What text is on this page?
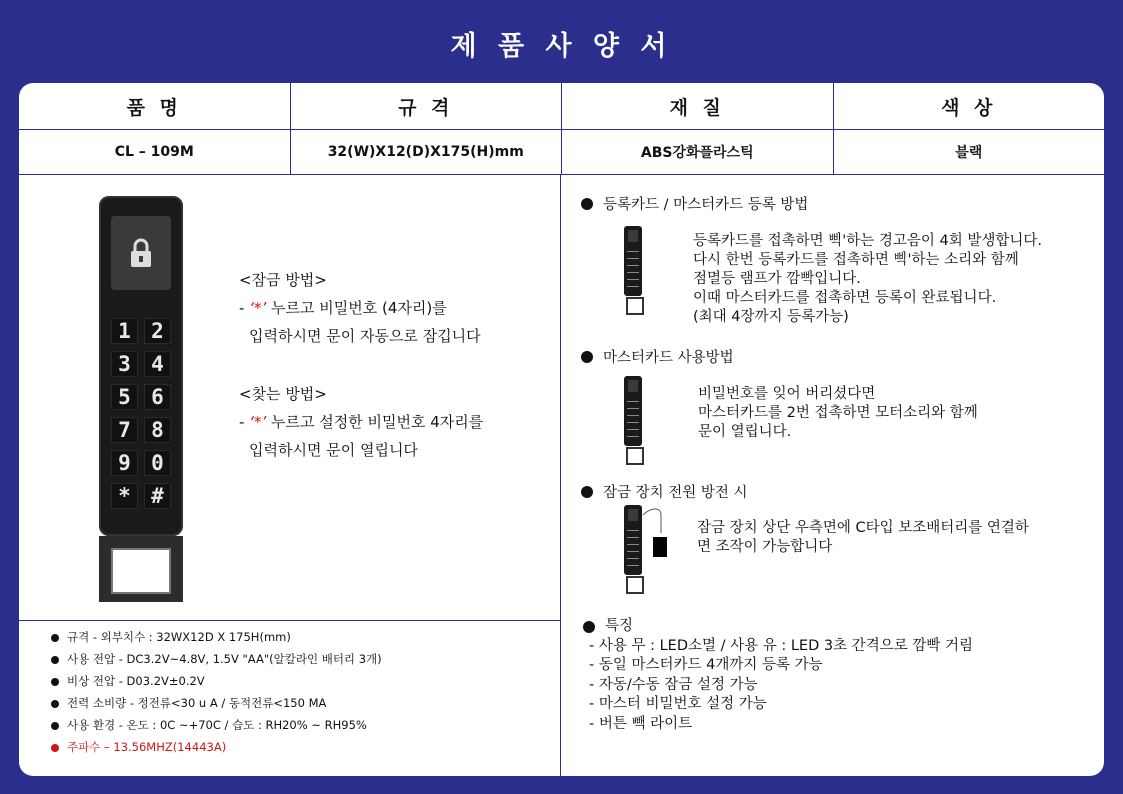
제 품 사 양 서
품 명	규 격	재 질	색 상
CL – 109M	32(W)X12(D)X175(H)mm	ABS강화플라스틱	블랙
1 2
3 4
5 6
7 8
9 0
* #
<잠금 방법>
- ‘*’ 누르고 비밀번호 (4자리)를
입력하시면 문이 자동으로 잠깁니다
<찾는 방법>
- ‘*’ 누르고 설정한 비밀번호 4자리를
입력하시면 문이 열립니다
규격 - 외부치수 : 32WX12D X 175H(mm)
사용 전압 - DC3.2V~4.8V, 1.5V "AA"(알칼라인 배터리 3개)
비상 전압 - D03.2V±0.2V
전력 소비량 - 정전류<30 u A / 동적전류<150 MA
사용 환경 - 온도 : 0C ~+70C / 습도 : RH20% ~ RH95%
주파수 – 13.56MHZ(14443A)
등록카드 / 마스터카드 등록 방법
등록카드를 접촉하면 삑'하는 경고음이 4회 발생합니다.
다시 한번 등록카드를 접촉하면 삑'하는 소리와 함께
점멸등 램프가 깜빡입니다.
이때 마스터카드를 접촉하면 등록이 완료됩니다.
(최대 4장까지 등록가능)
마스터카드 사용방법
비밀번호를 잊어 버리셨다면
마스터카드를 2번 접촉하면 모터소리와 함께
문이 열립니다.
잠금 장치 전원 방전 시
잠금 장치 상단 우측면에 C타입 보조배터리를 연결하
면 조작이 가능합니다
특징
- 사용 무 : LED소멸 / 사용 유 : LED 3초 간격으로 깜빡 거림
- 동일 마스터카드 4개까지 등록 가능
- 자동/수동 잠금 설정 가능
- 마스터 비밀번호 설정 가능
- 버튼 빽 라이트
